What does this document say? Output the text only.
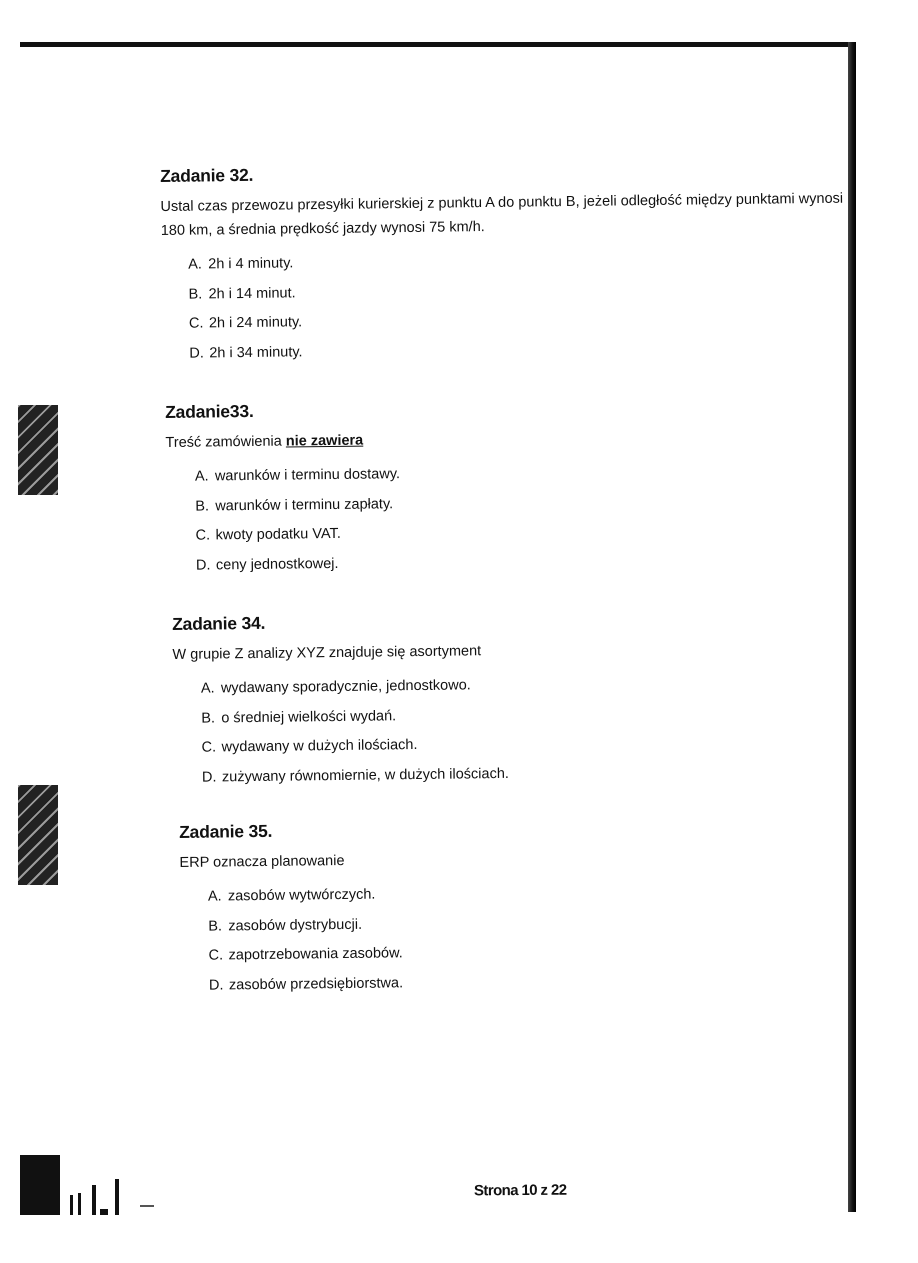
Zadanie 32.

Ustal czas przewozu przesyłki kurierskiej z punktu A do punktu B, jeżeli odległość między punktami wynosi 180 km, a średnia prędkość jazdy wynosi 75 km/h.

A. 2h i 4 minuty.
B. 2h i 14 minut.
C. 2h i 24 minuty.
D. 2h i 34 minuty.
Zadanie33.

Treść zamówienia nie zawiera

A. warunków i terminu dostawy.
B. warunków i terminu zapłaty.
C. kwoty podatku VAT.
D. ceny jednostkowej.
Zadanie 34.

W grupie Z analizy XYZ znajduje się asortyment

A. wydawany sporadycznie, jednostkowo.
B. o średniej wielkości wydań.
C. wydawany w dużych ilościach.
D. zużywany równomiernie, w dużych ilościach.
Zadanie 35.

ERP oznacza planowanie

A. zasobów wytwórczych.
B. zasobów dystrybucji.
C. zapotrzebowania zasobów.
D. zasobów przedsiębiorstwa.
Strona 10 z 22
